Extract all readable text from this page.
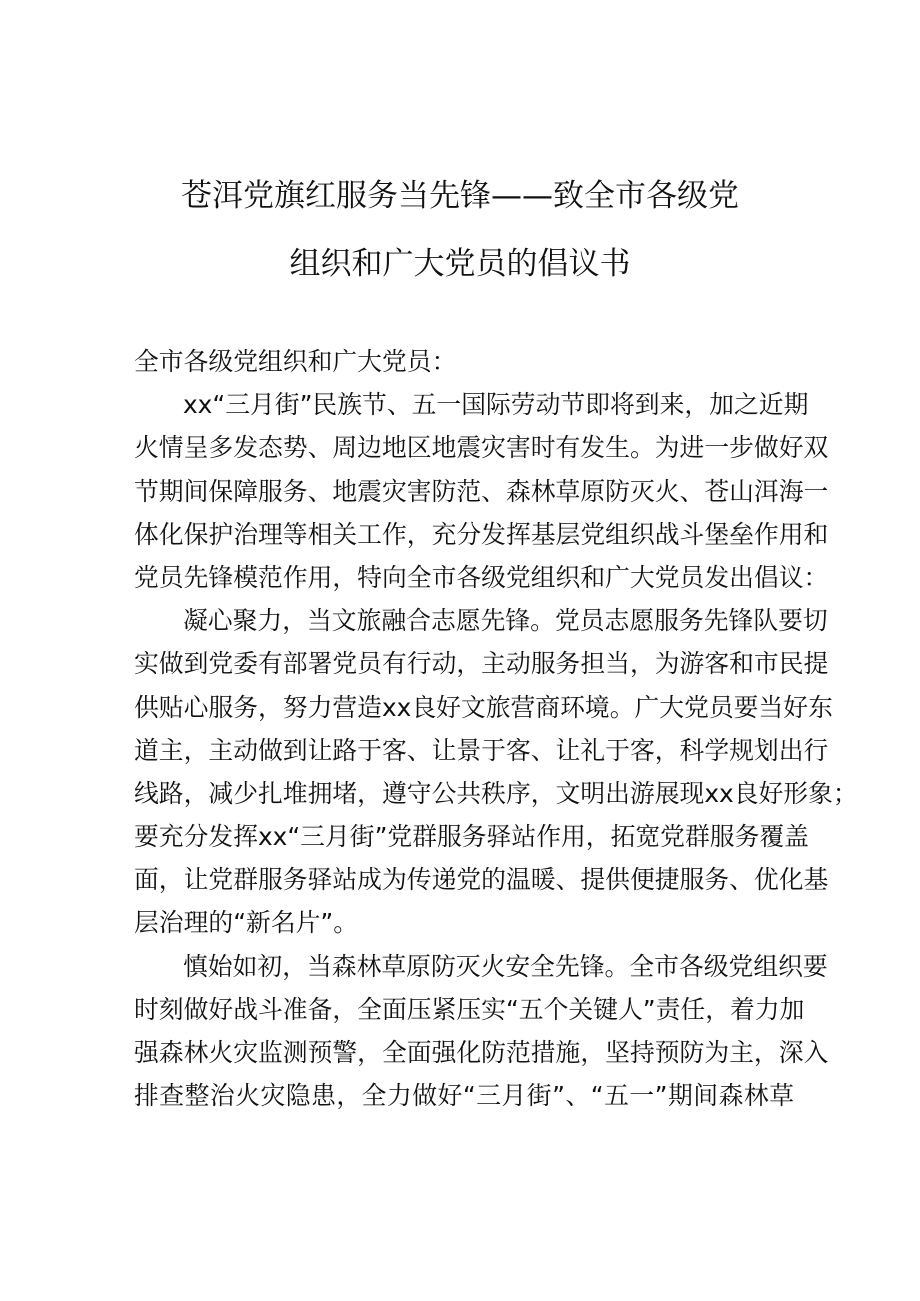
苍洱党旗红服务当先锋——致全市各级党
组织和广大党员的倡议书
全市各级党组织和广大党员：
xx“三月街”民族节、五一国际劳动节即将到来，加之近期
火情呈多发态势、周边地区地震灾害时有发生。为进一步做好双
节期间保障服务、地震灾害防范、森林草原防灭火、苍山洱海一
体化保护治理等相关工作，充分发挥基层党组织战斗堡垒作用和
党员先锋模范作用，特向全市各级党组织和广大党员发出倡议：
凝心聚力，当文旅融合志愿先锋。党员志愿服务先锋队要切
实做到党委有部署党员有行动，主动服务担当，为游客和市民提
供贴心服务，努力营造xx良好文旅营商环境。广大党员要当好东
道主，主动做到让路于客、让景于客、让礼于客，科学规划出行
线路，减少扎堆拥堵，遵守公共秩序，文明出游展现xx良好形象；
要充分发挥xx“三月街”党群服务驿站作用，拓宽党群服务覆盖
面，让党群服务驿站成为传递党的温暖、提供便捷服务、优化基
层治理的“新名片”。
慎始如初，当森林草原防灭火安全先锋。全市各级党组织要
时刻做好战斗准备，全面压紧压实“五个关键人”责任，着力加
强森林火灾监测预警，全面强化防范措施，坚持预防为主，深入
排查整治火灾隐患，全力做好“三月街”、“五一”期间森林草
